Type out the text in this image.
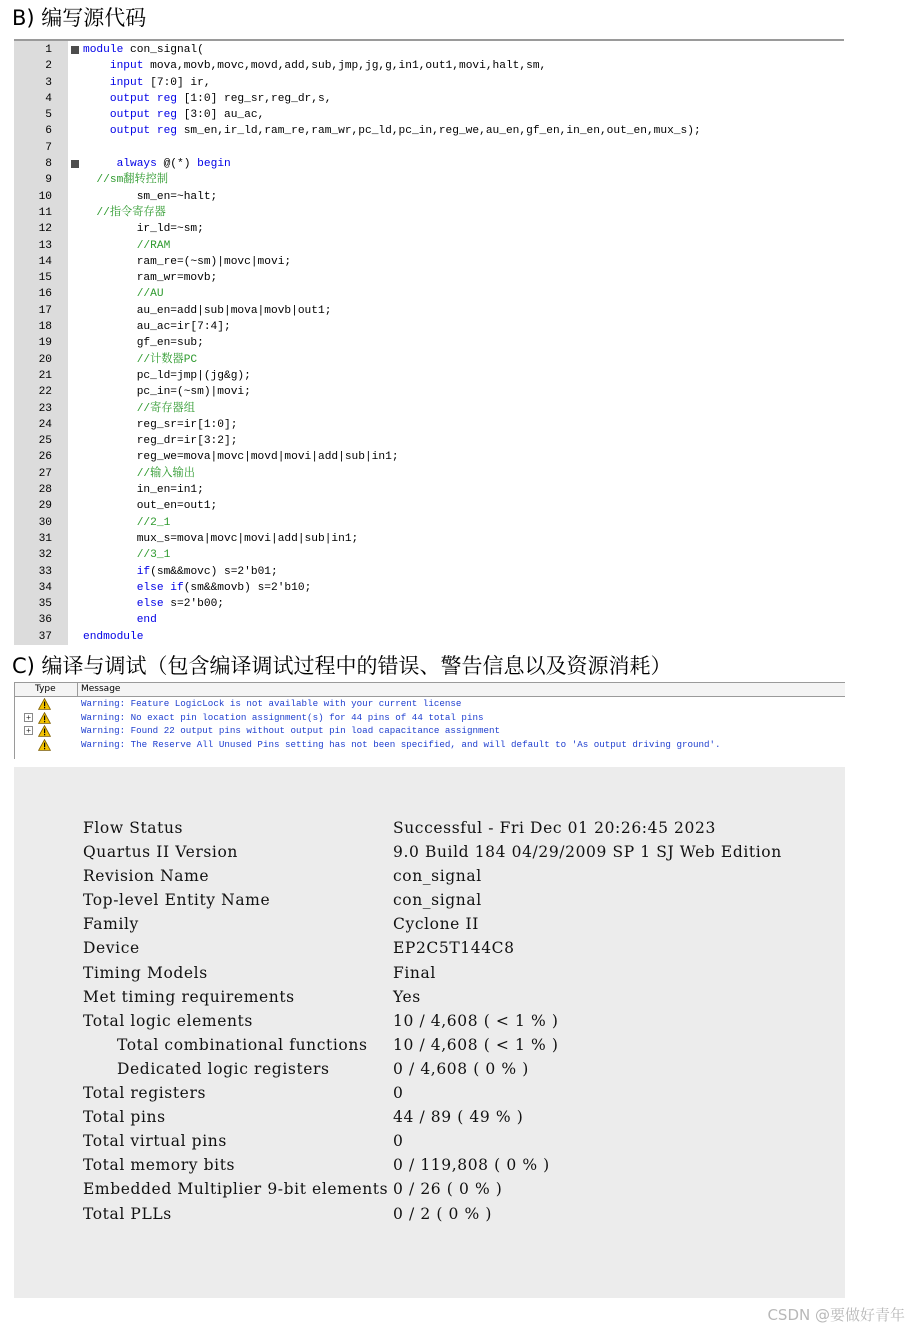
B) 编写源代码
1	module con_signal(
2	input mova,movb,movc,movd,add,sub,jmp,jg,g,in1,out1,movi,halt,sm,
3	input [7:0] ir,
4	output reg [1:0] reg_sr,reg_dr,s,
5	output reg [3:0] au_ac,
6	output reg sm_en,ir_ld,ram_re,ram_wr,pc_ld,pc_in,reg_we,au_en,gf_en,in_en,out_en,mux_s);
7
8	always @(*) begin
9	//sm翻转控制
10	sm_en=~halt;
11	//指令寄存器
12	ir_ld=~sm;
13	//RAM
14	ram_re=(~sm)|movc|movi;
15	ram_wr=movb;
16	//AU
17	au_en=add|sub|mova|movb|out1;
18	au_ac=ir[7:4];
19	gf_en=sub;
20	//计数器PC
21	pc_ld=jmp|(jg&g);
22	pc_in=(~sm)|movi;
23	//寄存器组
24	reg_sr=ir[1:0];
25	reg_dr=ir[3:2];
26	reg_we=mova|movc|movd|movi|add|sub|in1;
27	//输入输出
28	in_en=in1;
29	out_en=out1;
30	//2_1
31	mux_s=mova|movc|movi|add|sub|in1;
32	//3_1
33	if(sm&&movc) s=2'b01;
34	else if(sm&&movb) s=2'b10;
35	else s=2'b00;
36	end
37	endmodule
C) 编译与调试（包含编译调试过程中的错误、警告信息以及资源消耗）
Type	Message
Warning: Feature LogicLock is not available with your current license
+	Warning: No exact pin location assignment(s) for 44 pins of 44 total pins
+	Warning: Found 22 output pins without output pin load capacitance assignment
Warning: The Reserve All Unused Pins setting has not been specified, and will default to 'As output driving ground'.
Flow Status	Successful - Fri Dec 01 20:26:45 2023
Quartus II Version	9.0 Build 184 04/29/2009 SP 1 SJ Web Edition
Revision Name	con_signal
Top-level Entity Name	con_signal
Family	Cyclone II
Device	EP2C5T144C8
Timing Models	Final
Met timing requirements	Yes
Total logic elements	10 / 4,608 ( < 1 % )
Total combinational functions 10 / 4,608 ( < 1 % )
Dedicated logic registers	0 / 4,608 ( 0 % )
Total registers	0
Total pins	44 / 89 ( 49 % )
Total virtual pins	0
Total memory bits	0 / 119,808 ( 0 % )
Embedded Multiplier 9-bit elements 0 / 26 ( 0 % )
Total PLLs	0 / 2 ( 0 % )
CSDN @要做好青年
